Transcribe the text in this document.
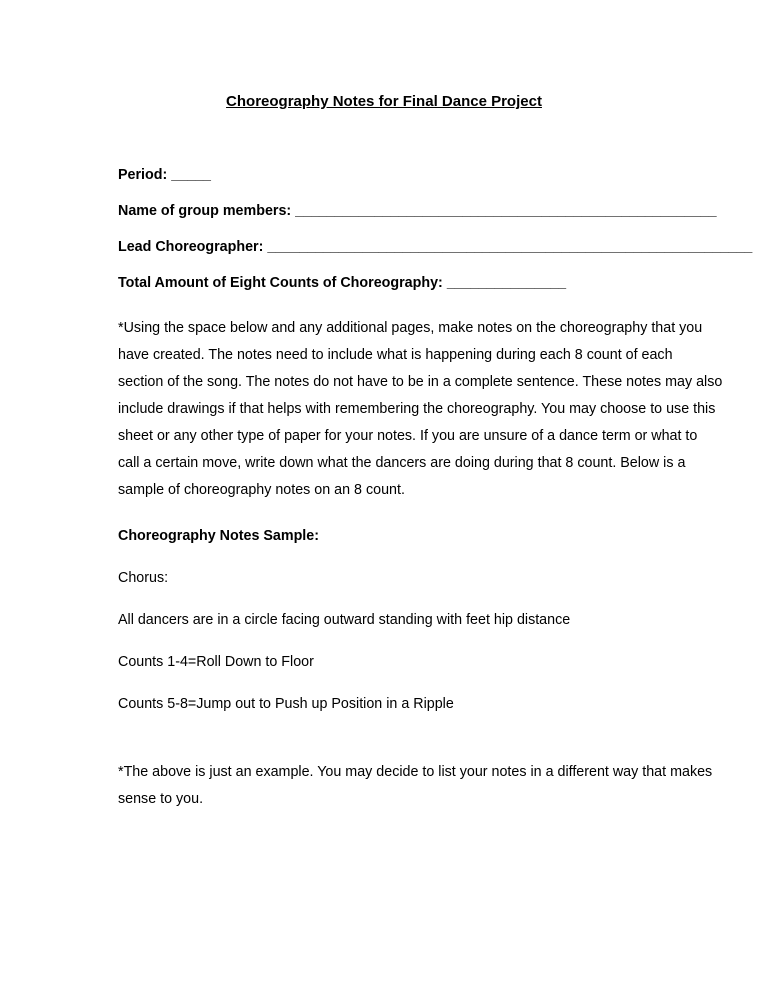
Choreography Notes for Final Dance Project
Period: _____
Name of group members: _____________________________________________________
Lead Choreographer: _____________________________________________________________
Total Amount of Eight Counts of Choreography: _______________
*Using the space below and any additional pages, make notes on the choreography that you
have created. The notes need to include what is happening during each 8 count of each
section of the song. The notes do not have to be in a complete sentence. These notes may also
include drawings if that helps with remembering the choreography. You may choose to use this
sheet or any other type of paper for your notes. If you are unsure of a dance term or what to
call a certain move, write down what the dancers are doing during that 8 count. Below is a
sample of choreography notes on an 8 count.
Choreography Notes Sample:
Chorus:
All dancers are in a circle facing outward standing with feet hip distance
Counts 1-4=Roll Down to Floor
Counts 5-8=Jump out to Push up Position in a Ripple
*The above is just an example. You may decide to list your notes in a different way that makes
sense to you.
